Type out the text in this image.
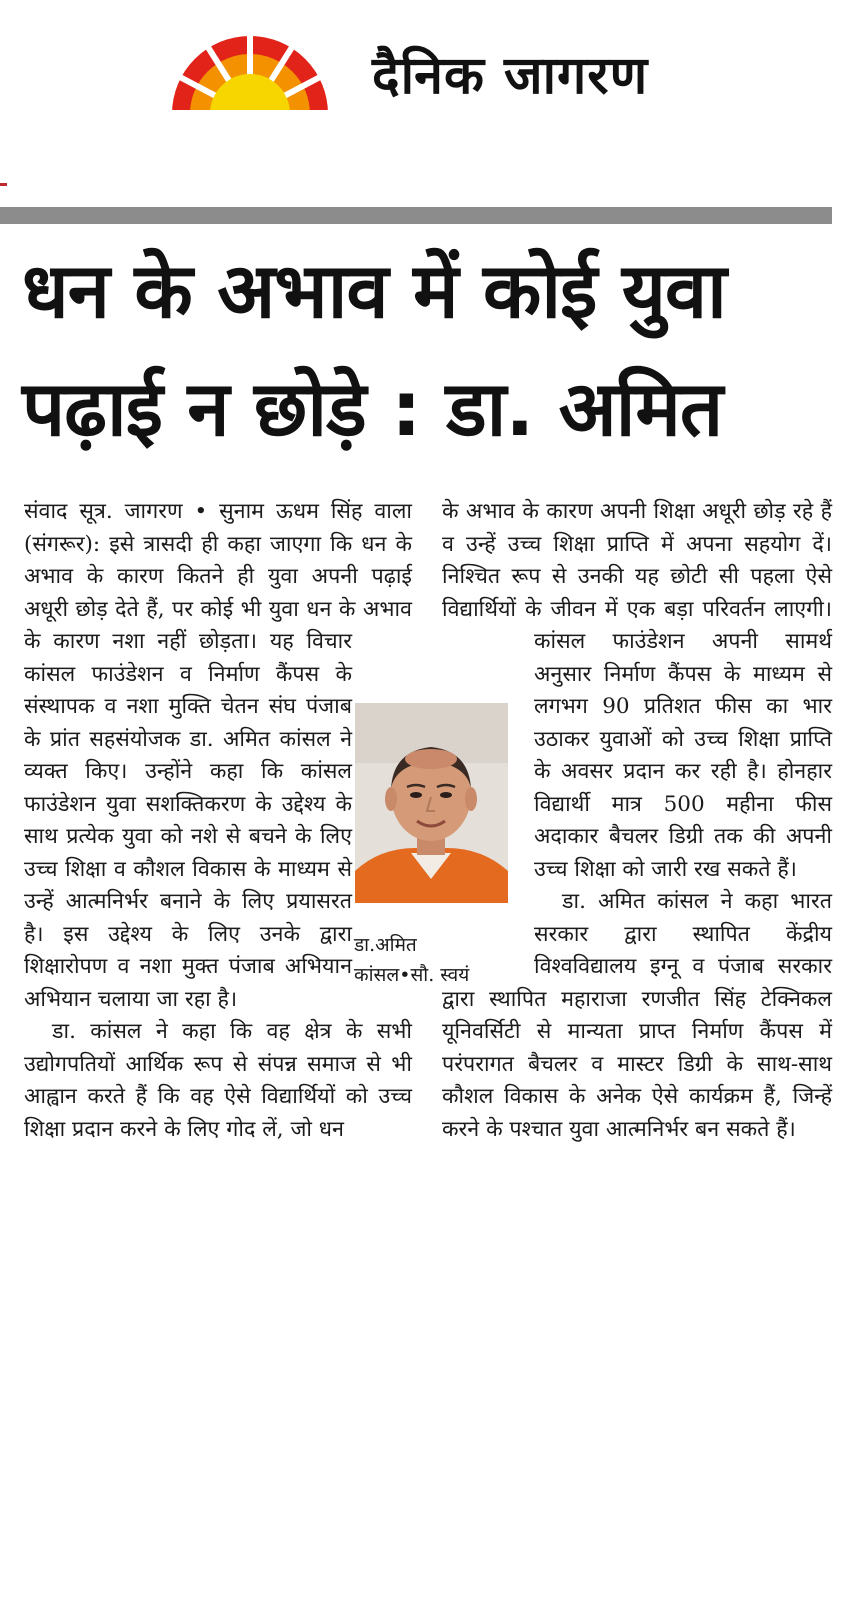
दैनिक जागरण
धन के अभाव में कोई युवा
पढ़ाई न छोड़े : डा. अमित

संवाद सूत्र. जागरण • सुनाम ऊधम सिंह वाला (संगरूर): इसे त्रासदी ही कहा जाएगा कि धन के अभाव के कारण कितने ही युवा अपनी पढ़ाई अधूरी छोड़ देते हैं, पर कोई भी युवा धन के अभाव के कारण नशा नहीं छोड़ता। यह विचार कांसल फाउंडेशन व निर्माण कैंपस के संस्थापक व नशा मुक्ति चेतन संघ पंजाब के प्रांत सहसंयोजक डा. अमित कांसल ने व्यक्त किए। उन्होंने कहा कि कांसल फाउंडेशन युवा सशक्तिकरण के उद्देश्य के साथ प्रत्येक युवा को नशे से बचने के लिए उच्च शिक्षा व कौशल विकास के माध्यम से उन्हें आत्मनिर्भर बनाने के लिए प्रयासरत है। इस उद्देश्य के लिए उनके द्वारा शिक्षारोपण व नशा मुक्त पंजाब अभियान अभियान चलाया जा रहा है।

डा. कांसल ने कहा कि वह क्षेत्र के सभी उद्योगपतियों आर्थिक रूप से संपन्न समाज से भी आह्वान करते हैं कि वह ऐसे विद्यार्थियों को उच्च शिक्षा प्रदान करने के लिए गोद लें, जो धन

के अभाव के कारण अपनी शिक्षा अधूरी छोड़ रहे हैं व उन्हें उच्च शिक्षा प्राप्ति में अपना सहयोग दें। निश्चित रूप से उनकी यह छोटी सी पहला ऐसे विद्यार्थियों के जीवन में एक बड़ा परिवर्तन लाएगी। कांसल फाउंडेशन अपनी सामर्थ अनुसार निर्माण कैंपस के माध्यम से लगभग 90 प्रतिशत फीस का भार उठाकर युवाओं को उच्च शिक्षा प्राप्ति के अवसर प्रदान कर रही है। होनहार विद्यार्थी मात्र 500 महीना फीस अदाकार बैचलर डिग्री तक की अपनी उच्च शिक्षा को जारी रख सकते हैं।

डा. अमित कांसल ने कहा भारत सरकार द्वारा स्थापित केंद्रीय विश्वविद्यालय इग्नू व पंजाब सरकार द्वारा स्थापित महाराजा रणजीत सिंह टेक्निकल यूनिवर्सिटी से मान्यता प्राप्त निर्माण कैंपस में परंपरागत बैचलर व मास्टर डिग्री के साथ-साथ कौशल विकास के अनेक ऐसे कार्यक्रम हैं, जिन्हें करने के पश्चात युवा आत्मनिर्भर बन सकते हैं।

डा.अमित
कांसल•सौ. स्वयं
